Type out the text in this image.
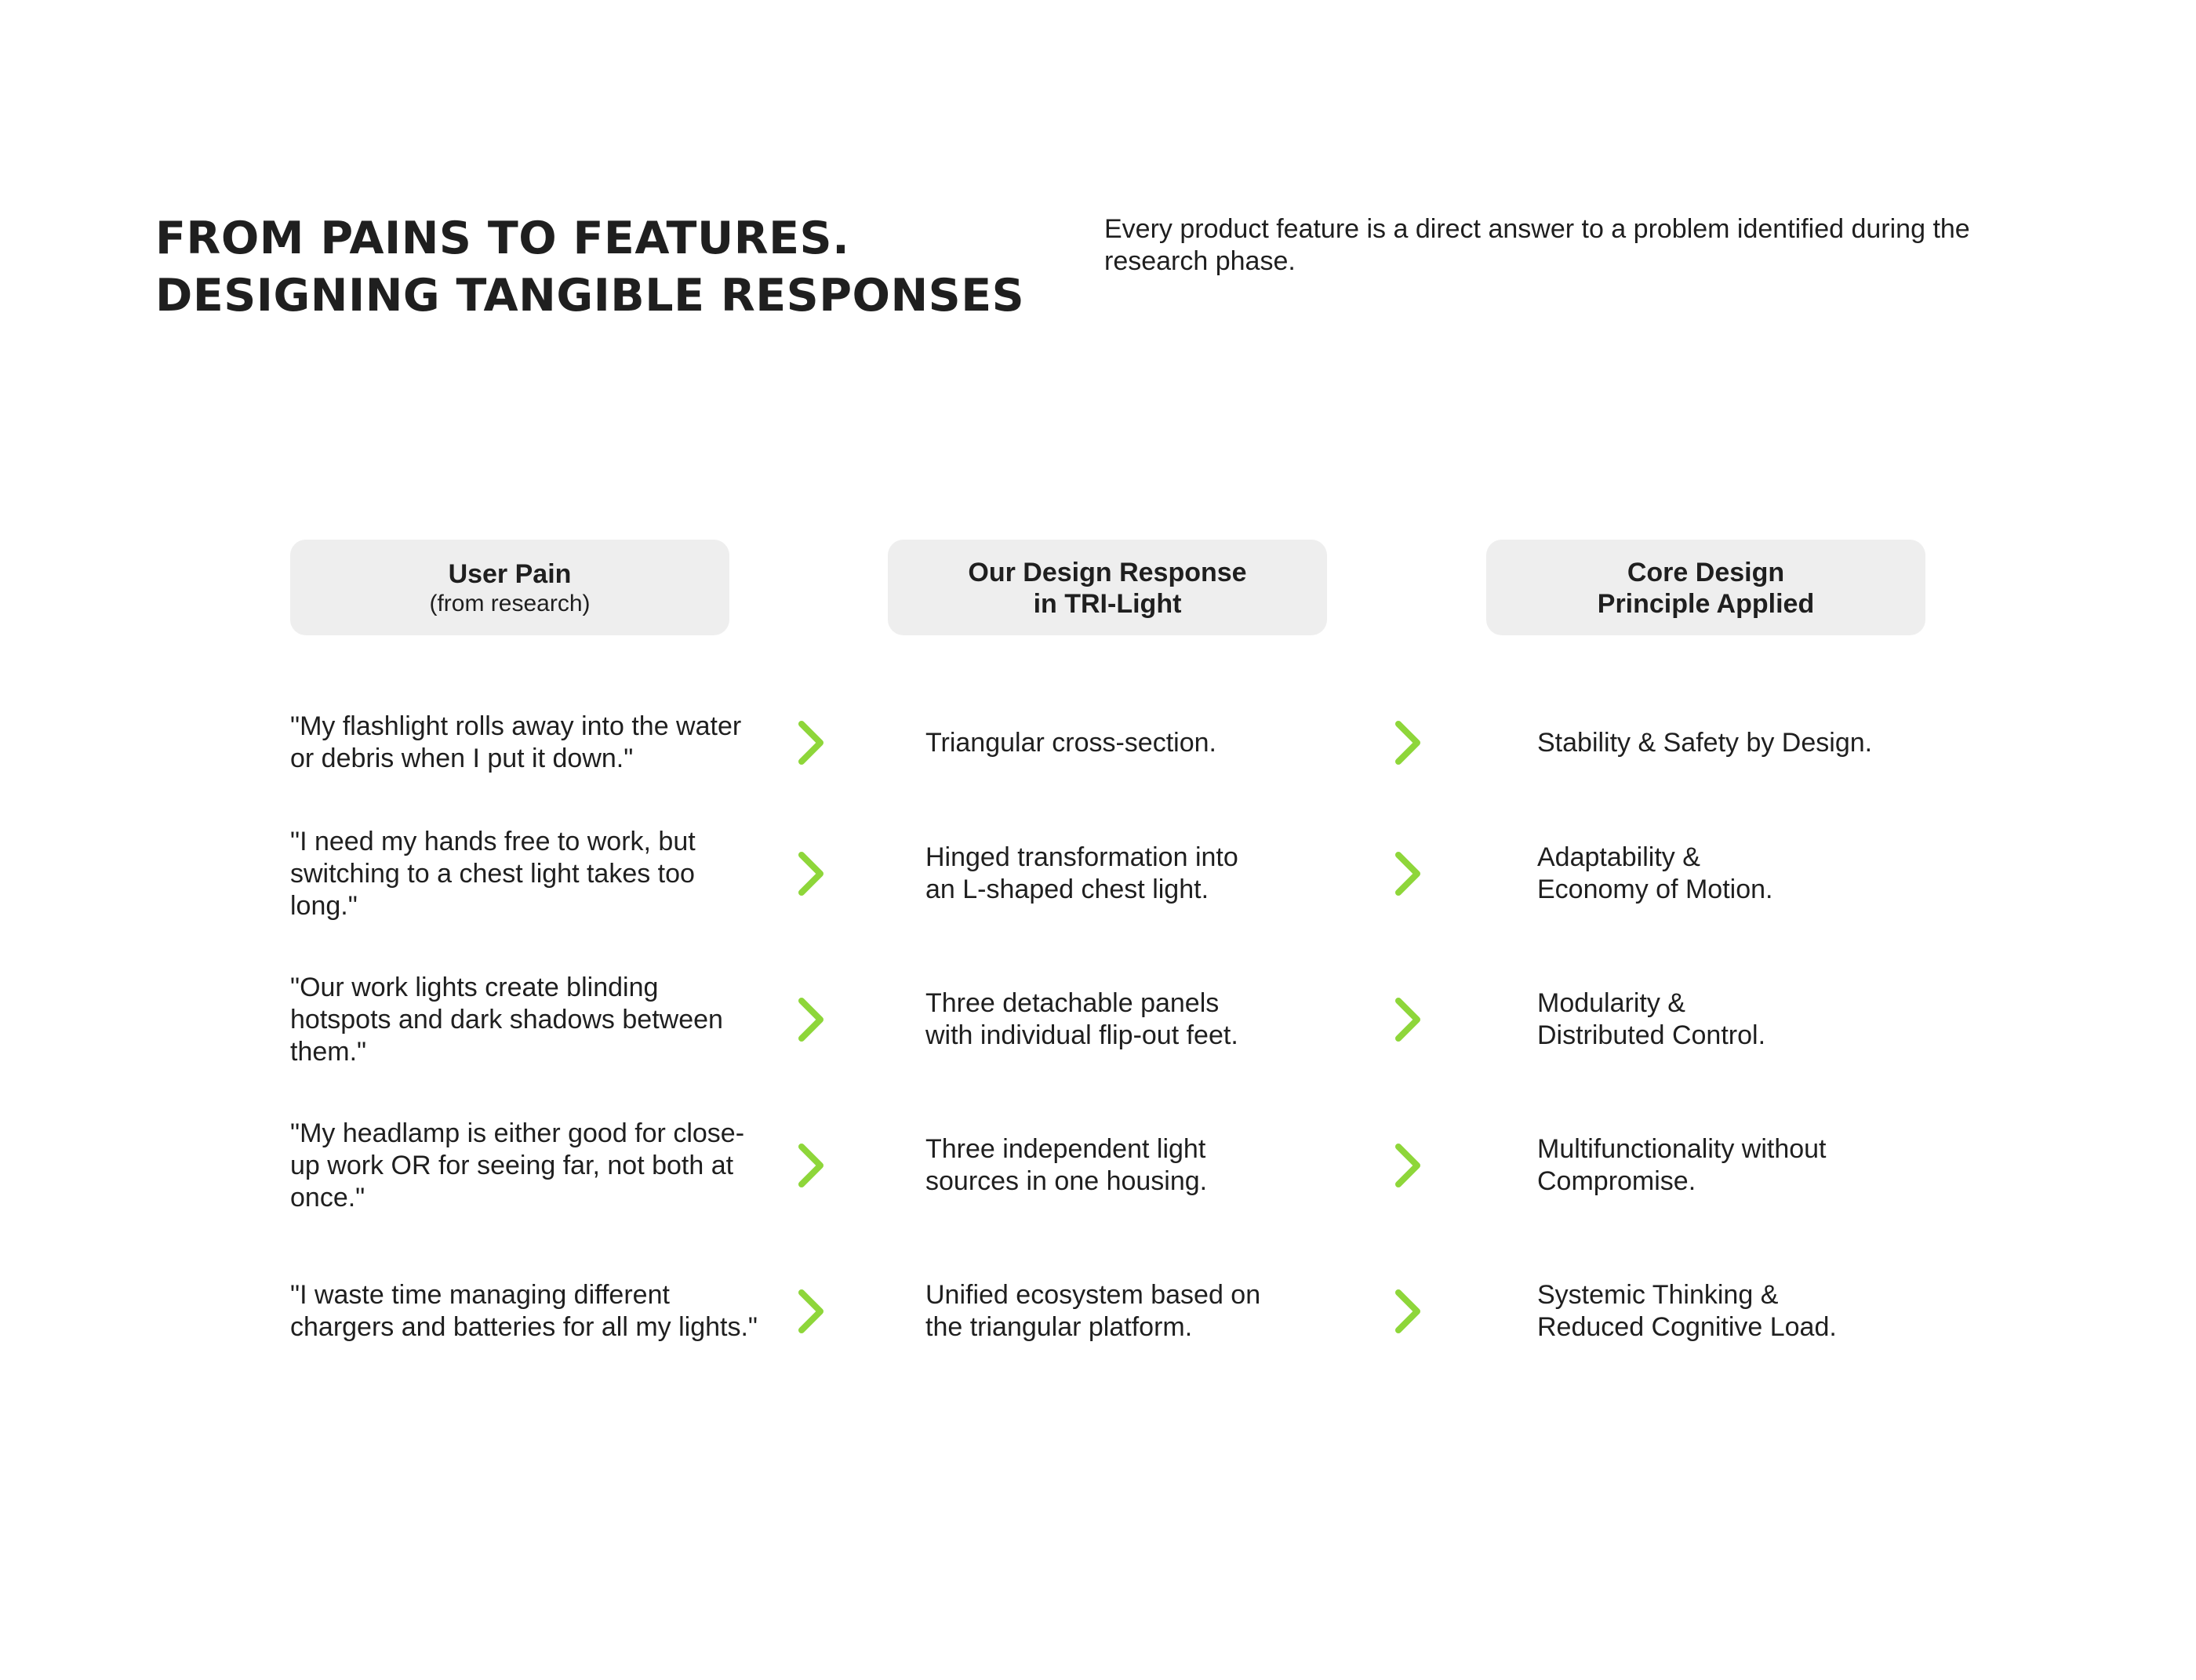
FROM PAINS TO FEATURES.
DESIGNING TANGIBLE RESPONSES

Every product feature is a direct answer to a problem identified during the research phase.

User Pain
(from research)
Our Design Response
in TRI-Light
Core Design
Principle Applied
"My flashlight rolls away into the water or debris when I put it down."
Triangular cross-section.	Stability & Safety by Design.
"I need my hands free to work, but switching to a chest light takes too long."
Hinged transformation into
an L-shaped chest light.
Adaptability &
Economy of Motion.
"Our work lights create blinding hotspots and dark shadows between them."
Three detachable panels
with individual flip-out feet.
Modularity &
Distributed Control.
"My headlamp is either good for close-up work OR for seeing far, not both at once."
Three independent light
sources in one housing.
Multifunctionality without
Compromise.
"I waste time managing different chargers and batteries for all my lights."
Unified ecosystem based on
the triangular platform.
Systemic Thinking &
Reduced Cognitive Load.
